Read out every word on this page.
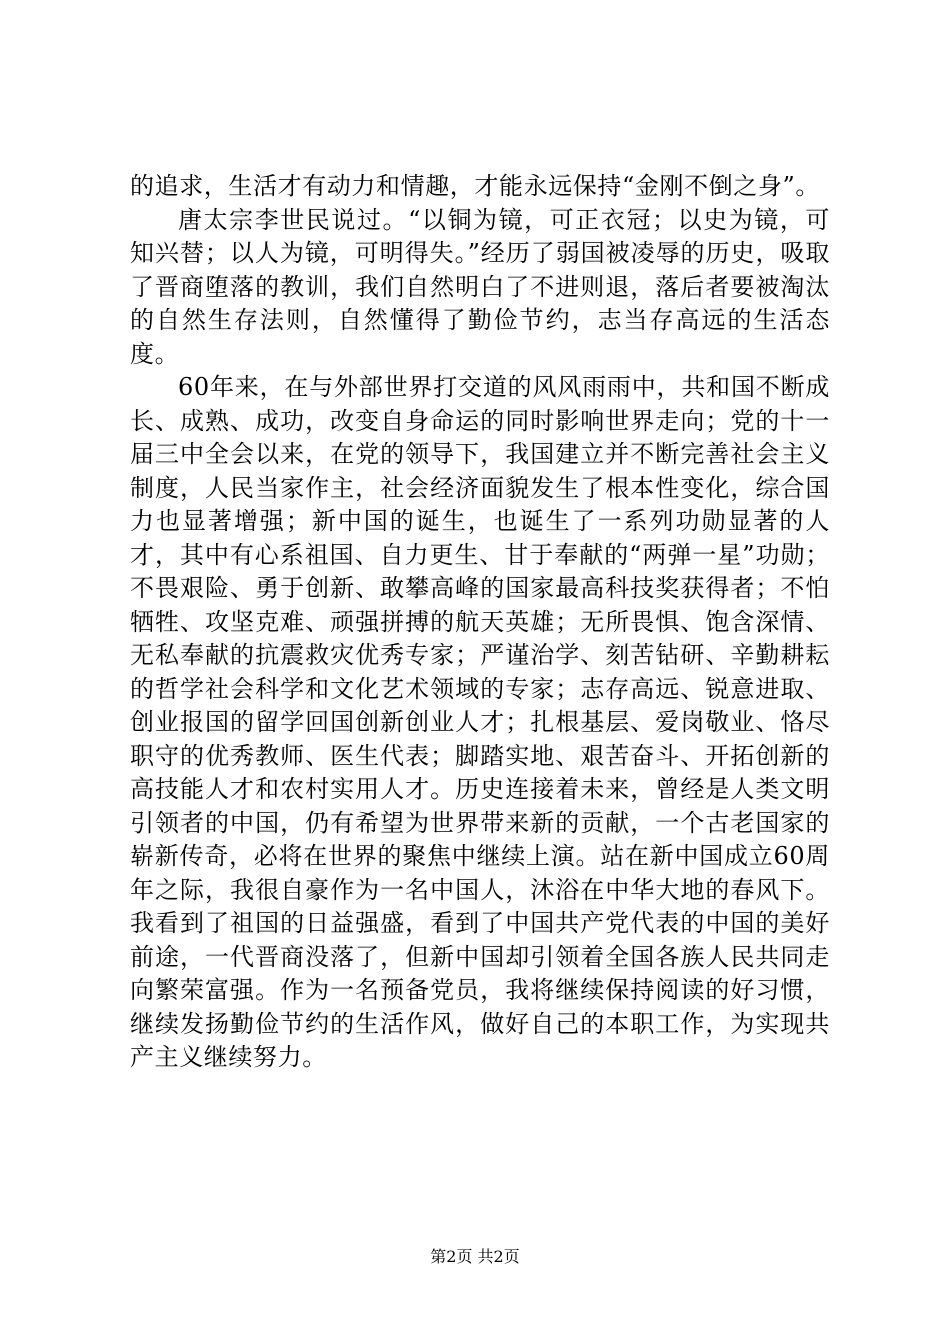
的追求，生活才有动力和情趣，才能永远保持“金刚不倒之身”。

唐太宗李世民说过。“以铜为镜，可正衣冠；以史为镜，可知兴替；以人为镜，可明得失。”经历了弱国被凌辱的历史，吸取了晋商堕落的教训，我们自然明白了不进则退，落后者要被淘汰的自然生存法则，自然懂得了勤俭节约，志当存高远的生活态度。

60年来，在与外部世界打交道的风风雨雨中，共和国不断成长、成熟、成功，改变自身命运的同时影响世界走向；党的十一届三中全会以来，在党的领导下，我国建立并不断完善社会主义制度，人民当家作主，社会经济面貌发生了根本性变化，综合国力也显著增强；新中国的诞生，也诞生了一系列功勋显著的人才，其中有心系祖国、自力更生、甘于奉献的“两弹一星”功勋；不畏艰险、勇于创新、敢攀高峰的国家最高科技奖获得者；不怕牺牲、攻坚克难、顽强拼搏的航天英雄；无所畏惧、饱含深情、无私奉献的抗震救灾优秀专家；严谨治学、刻苦钻研、辛勤耕耘的哲学社会科学和文化艺术领域的专家；志存高远、锐意进取、创业报国的留学回国创新创业人才；扎根基层、爱岗敬业、恪尽职守的优秀教师、医生代表；脚踏实地、艰苦奋斗、开拓创新的高技能人才和农村实用人才。历史连接着未来，曾经是人类文明引领者的中国，仍有希望为世界带来新的贡献，一个古老国家的崭新传奇，必将在世界的聚焦中继续上演。站在新中国成立60周年之际，我很自豪作为一名中国人，沐浴在中华大地的春风下。我看到了祖国的日益强盛，看到了中国共产党代表的中国的美好前途，一代晋商没落了，但新中国却引领着全国各族人民共同走向繁荣富强。作为一名预备党员，我将继续保持阅读的好习惯，继续发扬勤俭节约的生活作风，做好自己的本职工作，为实现共产主义继续努力。

第2页 共2页
